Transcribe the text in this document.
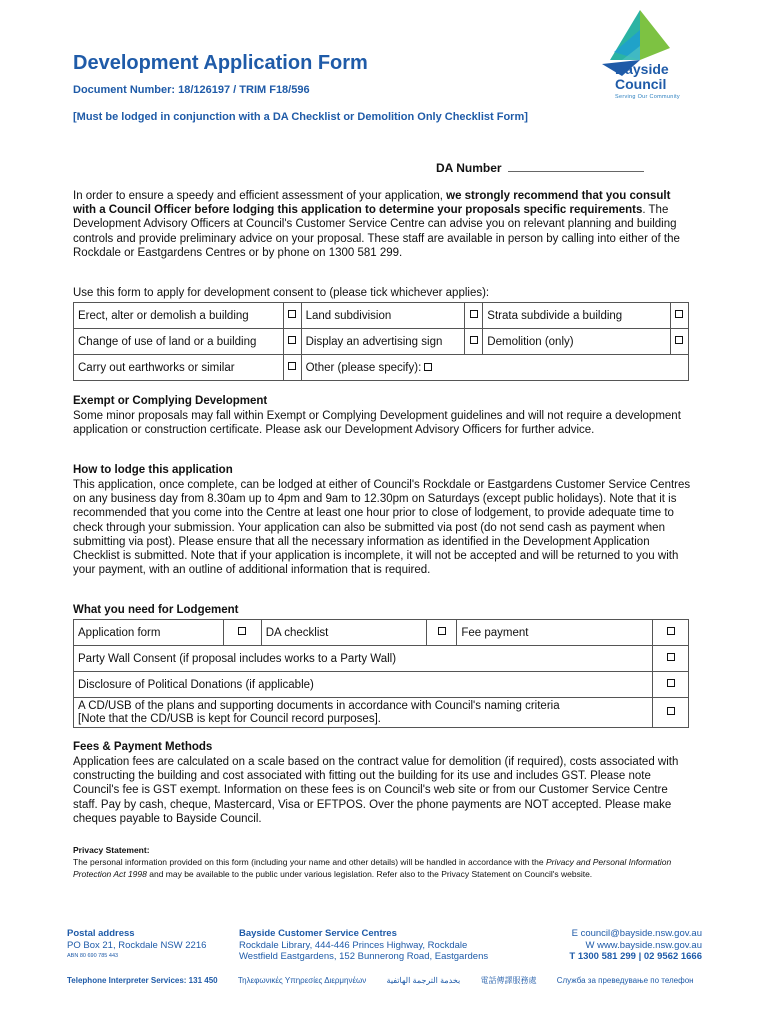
Development Application Form
Document Number: 18/126197 / TRIM F18/596
[Must be lodged in conjunction with a DA Checklist or Demolition Only Checklist Form]
Bayside
Council
Serving Our Community
DA Number
In order to ensure a speedy and efficient assessment of your application, we strongly recommend that you consult with a Council Officer before lodging this application to determine your proposals specific requirements. The Development Advisory Officers at Council's Customer Service Centre can advise you on relevant planning and building controls and provide preliminary advice on your proposal. These staff are available in person by calling into either of the Rockdale or Eastgardens Centres or by phone on 1300 581 299.
Use this form to apply for development consent to (please tick whichever applies):
Erect, alter or demolish a building		Land subdivision		Strata subdivide a building	
Change of use of land or a building		Display an advertising sign		Demolition (only)	
Carry out earthworks or similar		Other (please specify):			
Exempt or Complying Development
Some minor proposals may fall within Exempt or Complying Development guidelines and will not require a development application or construction certificate. Please ask our Development Advisory Officers for further advice.
How to lodge this application
This application, once complete, can be lodged at either of Council's Rockdale or Eastgardens Customer Service Centres on any business day from 8.30am up to 4pm and 9am to 12.30pm on Saturdays (except public holidays). Note that it is recommended that you come into the Centre at least one hour prior to close of lodgement, to provide adequate time to check through your submission. Your application can also be submitted via post (do not send cash as payment when submitting via post). Please ensure that all the necessary information as identified in the Development Application Checklist is submitted. Note that if your application is incomplete, it will not be accepted and will be returned to you with your payment, with an outline of additional information that is required.
What you need for Lodgement
Application form		DA checklist		Fee payment	
Party Wall Consent (if proposal includes works to a Party Wall)					
Disclosure of Political Donations (if applicable)					

A CD/USB of the plans and supporting documents in accordance with Council's naming criteria
[Note that the CD/USB is kept for Council record purposes].					

Fees & Payment Methods
Application fees are calculated on a scale based on the contract value for demolition (if required), costs associated with constructing the building and cost associated with fitting out the building for its use and includes GST. Please note Council's fee is GST exempt. Information on these fees is on Council's web site or from our Customer Service Centre staff. Pay by cash, cheque, Mastercard, Visa or EFTPOS. Over the phone payments are NOT accepted. Please make cheques payable to Bayside Council.
Privacy Statement:
The personal information provided on this form (including your name and other details) will be handled in accordance with the Privacy and Personal Information Protection Act 1998 and may be available to the public under various legislation. Refer also to the Privacy Statement on Council's website.
Postal address
PO Box 21, Rockdale NSW 2216
ABN 80 690 785 443
Bayside Customer Service Centres
Rockdale Library, 444-446 Princes Highway, Rockdale
Westfield Eastgardens, 152 Bunnerong Road, Eastgardens
E council@bayside.nsw.gov.au
W www.bayside.nsw.gov.au
T 1300 581 299 | 02 9562 1666
Telephone Interpreter Services: 131 450	Τηλεφωνικές Υπηρεσίες Διερμηνέων	بخدمة الترجمة الهاتفية	電話傳譯服務處	Служба за преведување по телефон
